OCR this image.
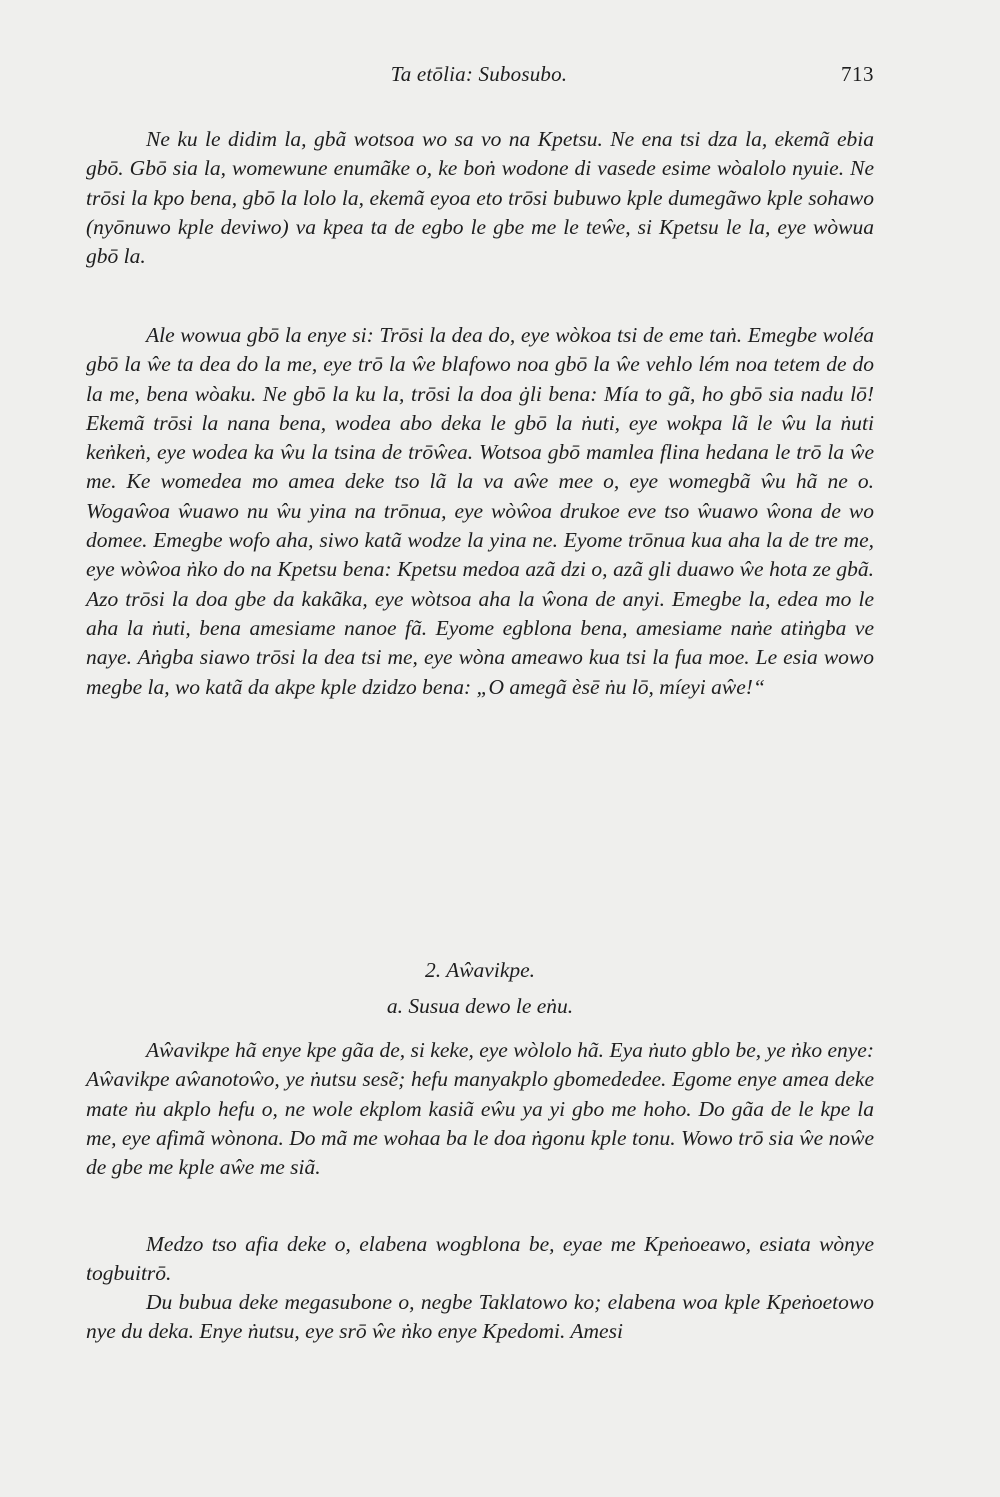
Ta etōlia: Subosubo.	713

Ne ku le didim la, gbã wotsoa wo sa vo na Kpetsu. Ne ena tsi dza la, ekemã ebia gbō. Gbō sia la, womewune enumãke o, ke boṅ wodone di vasede esime wòalolo nyuie. Ne trōsi la kpo bena, gbō la lolo la, ekemã eyoa eto trōsi bubuwo kple dumegãwo kple sohawo (nyōnuwo kple deviwo) va kpea ta de egbo le gbe me le teŵe, si Kpetsu le la, eye wòwua gbō la.

Ale wowua gbō la enye si: Trōsi la dea do, eye wòkoa tsi de eme taṅ. Emegbe woléa gbō la ŵe ta dea do la me, eye trō la ŵe blafowo noa gbō la ŵe vehlo lém noa tetem de do la me, bena wòaku. Ne gbō la ku la, trōsi la doa ġli bena: Mía to gã, ho gbō sia nadu lō! Ekemã trōsi la nana bena, wodea abo deka le gbō la ṅuti, eye wokpa lã le ŵu la ṅuti keṅkeṅ, eye wodea ka ŵu la tsina de trōŵea. Wotsoa gbō mamlea flina hedana le trō la ŵe me. Ke womedea mo amea deke tso lã la va aŵe mee o, eye womegbã ŵu hã ne o. Wogaŵoa ŵuawo nu ŵu yina na trōnua, eye wòŵoa drukoe eve tso ŵuawo ŵona de wo domee. Emegbe wofo aha, siwo katã wodze la yina ne. Eyome trōnua kua aha la de tre me, eye wòŵoa ṅko do na Kpetsu bena: Kpetsu medoa azã dzi o, azã gli duawo ŵe hota ze gbã. Azo trōsi la doa gbe da kakãka, eye wòtsoa aha la ŵona de anyi. Emegbe la, edea mo le aha la ṅuti, bena amesiame nanoe fã. Eyome egblona bena, amesiame naṅe atiṅgba ve naye. Aṅgba siawo trōsi la dea tsi me, eye wòna ameawo kua tsi la fua moe. Le esia wowo megbe la, wo katã da akpe kple dzidzo bena: „O amegã èsē ṅu lō, míeyi aŵe!“

2. Aŵavikpe.
a. Susua dewo le eṅu.

Aŵavikpe hã enye kpe gãa de, si keke, eye wòlolo hã. Eya ṅuto gblo be, ye ṅko enye: Aŵavikpe aŵanotoŵo, ye ṅutsu sesẽ; hefu manyakplo gbomededee. Egome enye amea deke mate ṅu akplo hefu o, ne wole ekplom kasiã eŵu ya yi gbo me hoho. Do gãa de le kpe la me, eye afimã wònona. Do mã me wohaa ba le doa ṅgonu kple tonu. Wowo trō sia ŵe noŵe de gbe me kple aŵe me siã.

Medzo tso afia deke o, elabena wogblona be, eyae me Kpeṅoeawo, esiata wònye togbuitrō.

Du bubua deke megasubone o, negbe Taklatowo ko; elabena woa kple Kpeṅoetowo nye du deka. Enye ṅutsu, eye srō ŵe ṅko enye Kpedomi. Amesi
